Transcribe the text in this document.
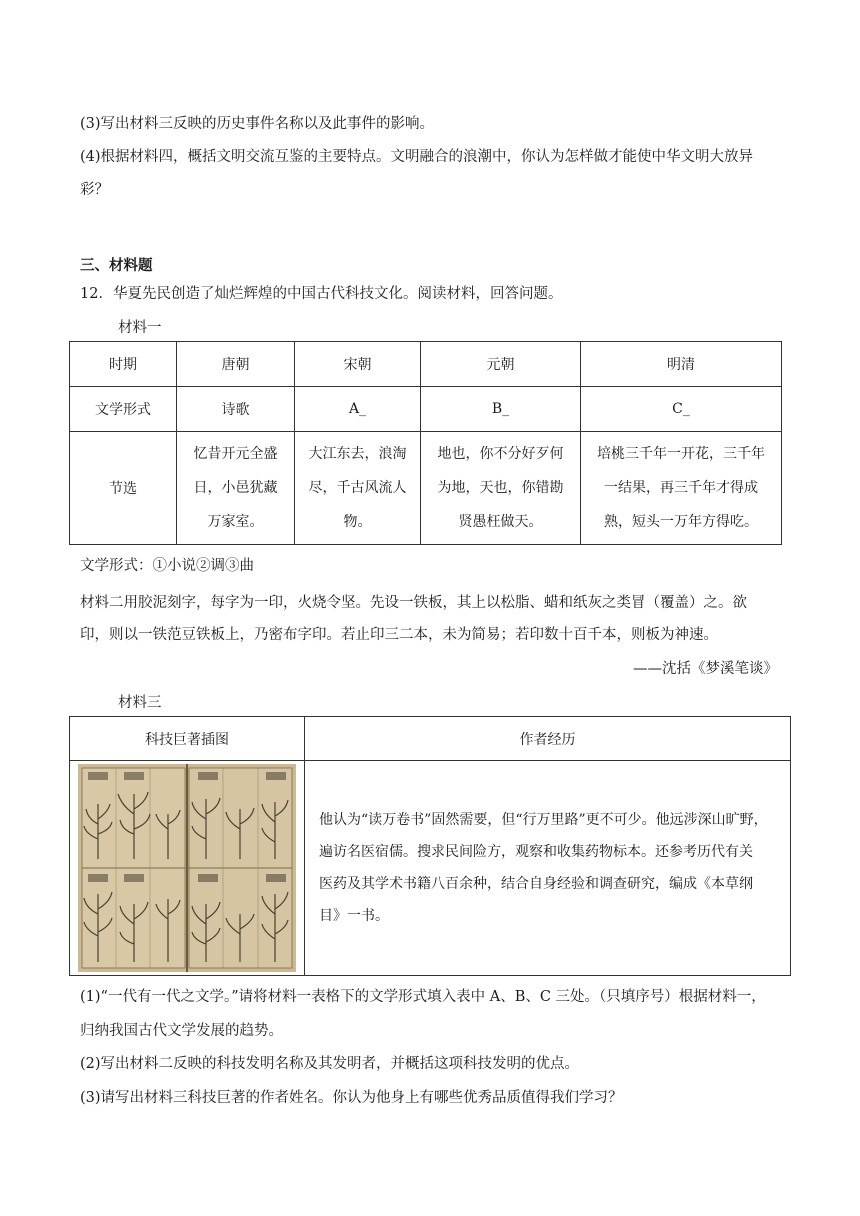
(3)写出材料三反映的历史事件名称以及此事件的影响。
(4)根据材料四，概括文明交流互鉴的主要特点。文明融合的浪潮中，你认为怎样做才能使中华文明大放异
彩？
三、材料题
12．华夏先民创造了灿烂辉煌的中国古代科技文化。阅读材料，回答问题。
材料一
时期	唐朝	宋朝	元朝	明清
文学形式	诗歌	A_	B_	C_
节选	忆昔开元全盛日，小邑犹藏万家室。	大江东去，浪淘尽，千古风流人物。	地也，你不分好歹何为地，天也，你错勘贤愚枉做天。	培桃三千年一开花，三千年一结果，再三千年才得成熟，短头一万年方得吃。
文学形式：①小说②调③曲
材料二用胶泥刻字，每字为一印，火烧令坚。先设一铁板，其上以松脂、蜡和纸灰之类冒（覆盖）之。欲
印，则以一铁范豆铁板上，乃密布字印。若止印三二本，未为简易；若印数十百千本，则板为神速。
——沈括《梦溪笔谈》
材料三
科技巨著插图	作者经历

他认为“读万卷书”固然需要，但“行万里路”更不可少。他远涉深山旷野，
遍访名医宿儒。搜求民间险方，观察和收集药物标本。还参考历代有关
医药及其学术书籍八百余种，结合自身经验和调查研究，编成《本草纲
目》一书。
(1)“一代有一代之文学。”请将材料一表格下的文学形式填入表中 A、B、C 三处。（只填序号）根据材料一，
归纳我国古代文学发展的趋势。
(2)写出材料二反映的科技发明名称及其发明者，并概括这项科技发明的优点。
(3)请写出材料三科技巨著的作者姓名。你认为他身上有哪些优秀品质值得我们学习？
